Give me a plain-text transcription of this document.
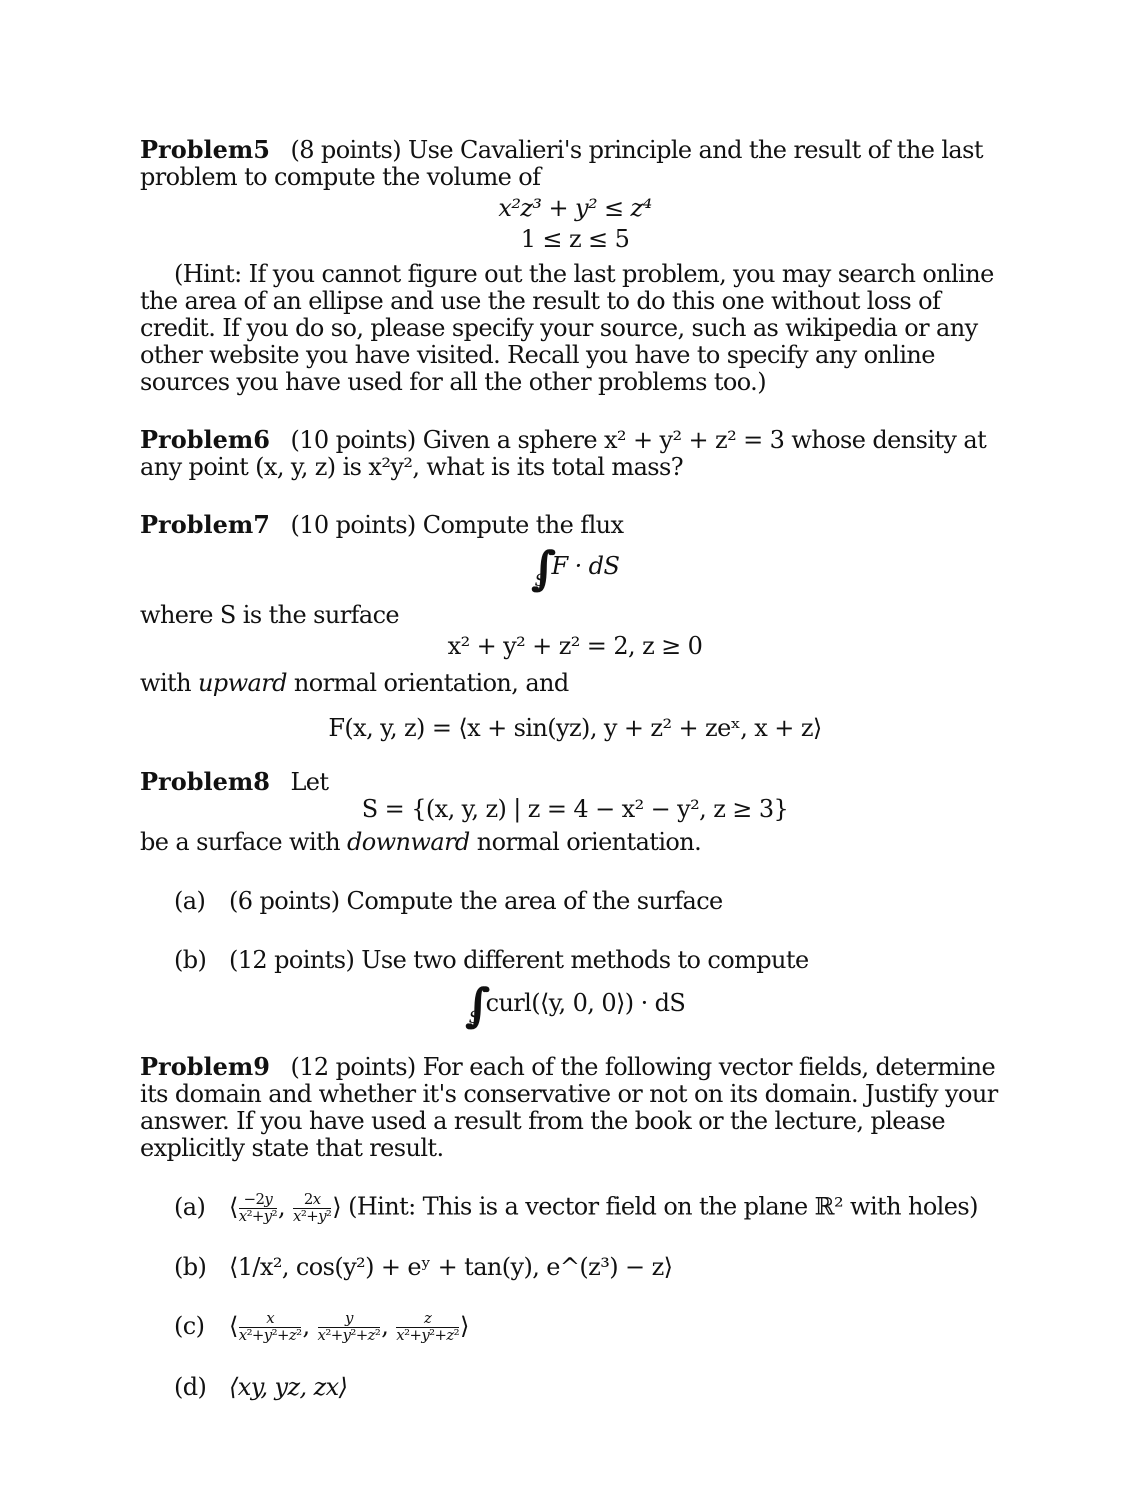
Problem5 (8 points) Use Cavalieri's principle and the result of the last problem to compute the volume of

x²z³ + y² ≤ z⁴
1 ≤ z ≤ 5

(Hint: If you cannot figure out the last problem, you may search online the area of an ellipse and use the result to do this one without loss of credit. If you do so, please specify your source, such as wikipedia or any other website you have visited. Recall you have to specify any online sources you have used for all the other problems too.)

Problem6 (10 points) Given a sphere x² + y² + z² = 3 whose density at any point (x, y, z) is x²y², what is its total mass?

Problem7 (10 points) Compute the flux

$\int\int_S$ F · dS

where S is the surface

x² + y² + z² = 2, z ≥ 0

with upward normal orientation, and

F(x, y, z) = ⟨x + sin(yz), y + z² + zeˣ, x + z⟩

Problem8 Let

S = {(x, y, z) | z = 4 − x² − y², z ≥ 3}

be a surface with downward normal orientation.

(a) (6 points) Compute the area of the surface

(b) (12 points) Use two different methods to compute

$\int\int_S$ curl(⟨y, 0, 0⟩) · dS

Problem9 (12 points) For each of the following vector fields, determine its domain and whether it's conservative or not on its domain. Justify your answer. If you have used a result from the book or the lecture, please explicitly state that result.

(a) ⟨ $\frac{-2y}{\text{x²+y²}}$ , $\frac{2x}{\text{x²+y²}}$ ⟩ (Hint: This is a vector field on the plane ℝ² with holes)

(b) ⟨1/x², cos(y²) + eʸ + tan(y), e^(z³) − z⟩

(c) ⟨ $\frac{x}{\text{x²+y²+z²}}$ , $\frac{y}{\text{x²+y²+z²}}$ , $\frac{z}{\text{x²+y²+z²}}$ ⟩

(d) ⟨xy, yz, zx⟩
